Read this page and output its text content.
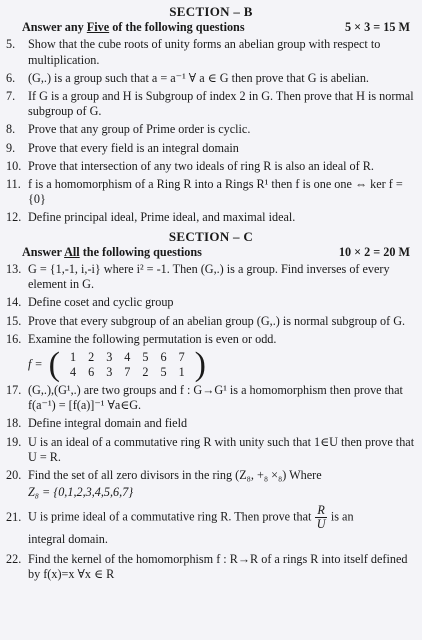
SECTION – B
Answer any Five of the following questions	5 × 3 = 15 M
5.	Show that the cube roots of unity forms an abelian group with respect to multiplication.
6.	(G,.) is a group such that a = a⁻¹ ∀ a ∈ G then prove that G is abelian.
7.	If G is a group and H is Subgroup of index 2 in G. Then prove that H is normal subgroup of G.
8.	Prove that any group of Prime order is cyclic.
9.	Prove that every field is an integral domain
10. Prove that intersection of any two ideals of ring R is also an ideal of R.
11. f is a homomorphism of a Ring R into a Rings R¹ then f is one one ⇔ ker f = {0}
12. Define principal ideal, Prime ideal, and maximal ideal.
SECTION – C
Answer All the following questions	10 × 2 = 20 M
13. G = {1,-1, i,-i} where i² = -1. Then (G,.) is a group. Find inverses of every element in G.
14. Define coset and cyclic group
15. Prove that every subgroup of an abelian group (G,.) is normal subgroup of G.
16. Examine the following permutation is even or odd.
f = ( 1	2	3	4	5	6	7
4	6	3	7	2	5	1 )
17. (G,.),(G¹,.) are two groups and f : G→G¹ is a homomorphism then prove that f(a⁻¹) = [f(a)]⁻¹ ∀a∈G.
18. Define integral domain and field
19. U is an ideal of a commutative ring R with unity such that 1∈U then prove that U = R.
20. Find the set of all zero divisors in the ring (Z₈, +₈ ×₈) Where
Z₈ = {0,1,2,3,4,5,6,7}
21. U is prime ideal of a commutative ring R. Then prove that $\frac{R}{U}$ is an
integral domain.
22. Find the kernel of the homomorphism f : R→R of a rings R into itself defined by f(x)=x ∀x ∈ R
